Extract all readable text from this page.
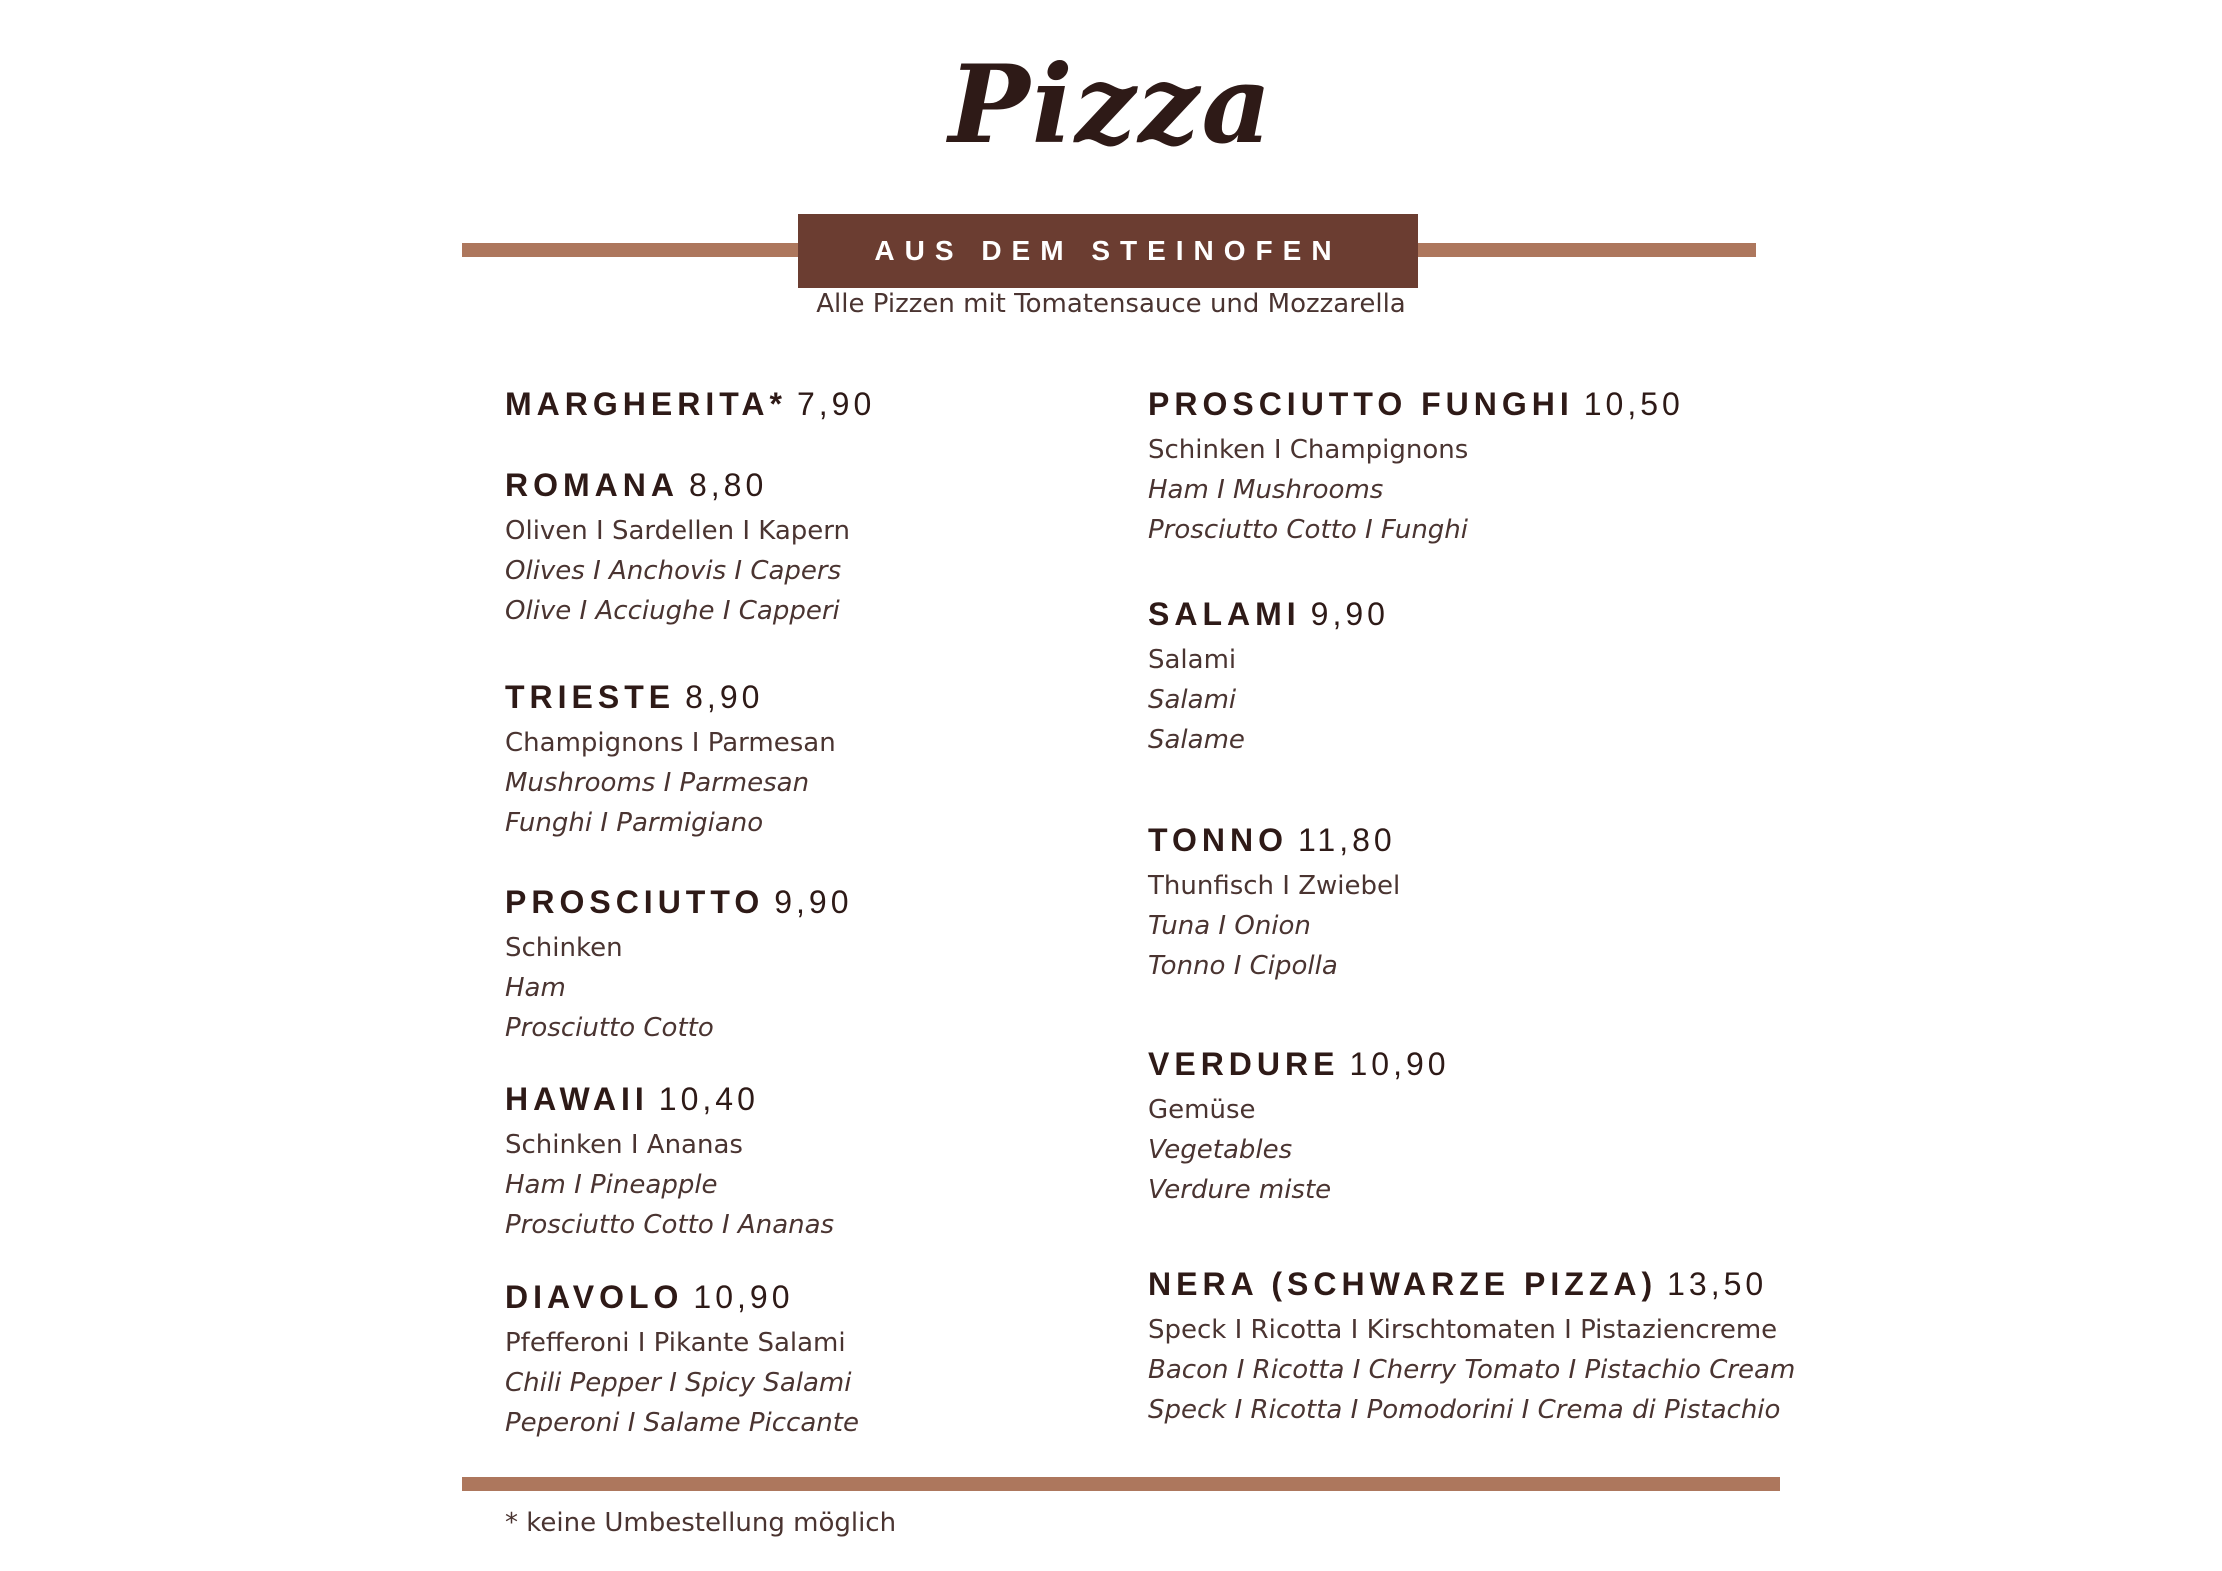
Pizza
AUS DEM STEINOFEN
Alle Pizzen mit Tomatensauce und Mozzarella
MARGHERITA* 7,90
ROMANA 8,80
Oliven I Sardellen I Kapern
Olives I Anchovis I Capers
Olive I Acciughe I Capperi
TRIESTE 8,90
Champignons I Parmesan
Mushrooms I Parmesan
Funghi I Parmigiano
PROSCIUTTO 9,90
Schinken
Ham
Prosciutto Cotto
HAWAII 10,40
Schinken I Ananas
Ham I Pineapple
Prosciutto Cotto I Ananas
DIAVOLO 10,90
Pfefferoni I Pikante Salami
Chili Pepper I Spicy Salami
Peperoni I Salame Piccante
PROSCIUTTO FUNGHI 10,50
Schinken I Champignons
Ham I Mushrooms
Prosciutto Cotto I Funghi
SALAMI 9,90
Salami
Salami
Salame
TONNO 11,80
Thunfisch I Zwiebel
Tuna I Onion
Tonno I Cipolla
VERDURE 10,90
Gemüse
Vegetables
Verdure miste
NERA (SCHWARZE PIZZA) 13,50
Speck I Ricotta I Kirschtomaten I Pistaziencreme
Bacon I Ricotta I Cherry Tomato I Pistachio Cream
Speck I Ricotta I Pomodorini I Crema di Pistachio
* keine Umbestellung möglich
